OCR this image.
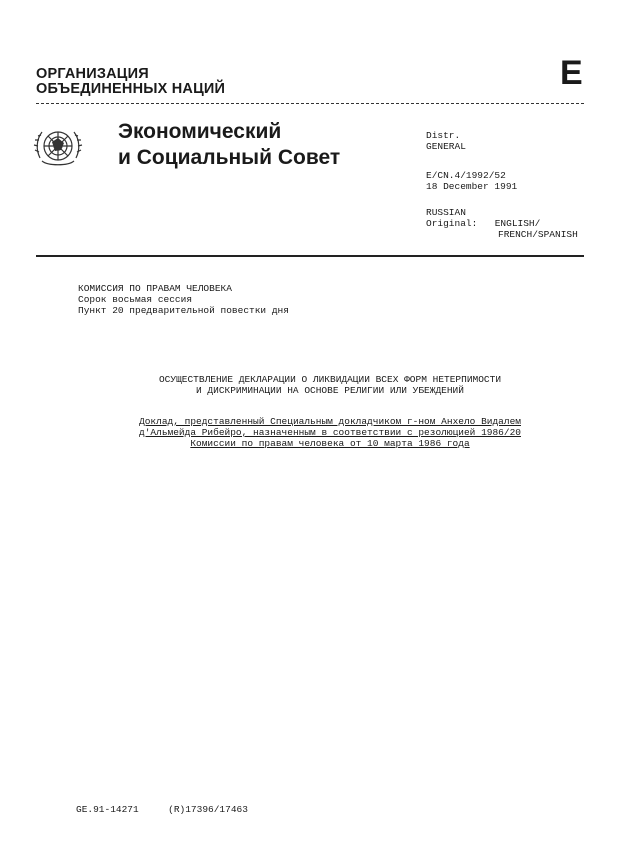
ОРГАНИЗАЦИЯ
ОБЪЕДИНЕННЫХ НАЦИЙ	E
Экономический
и Социальный Совет
Distr.
GENERAL
E/CN.4/1992/52
18 December 1991
RUSSIAN
Original: ENGLISH/
FRENCH/SPANISH
КОМИССИЯ ПО ПРАВАМ ЧЕЛОВЕКА
Сорок восьмая сессия
Пункт 20 предварительной повестки дня
ОСУЩЕСТВЛЕНИЕ ДЕКЛАРАЦИИ О ЛИКВИДАЦИИ ВСЕХ ФОРМ НЕТЕРПИМОСТИ
И ДИСКРИМИНАЦИИ НА ОСНОВЕ РЕЛИГИИ ИЛИ УБЕЖДЕНИЙ
Доклад, представленный Специальным докладчиком г-ном Анхело Видалем
д'Альмейда Рибейро, назначенным в соответствии с резолюцией 1986/20
Комиссии по правам человека от 10 марта 1986 года
GE.91-14271	(R)17396/17463
